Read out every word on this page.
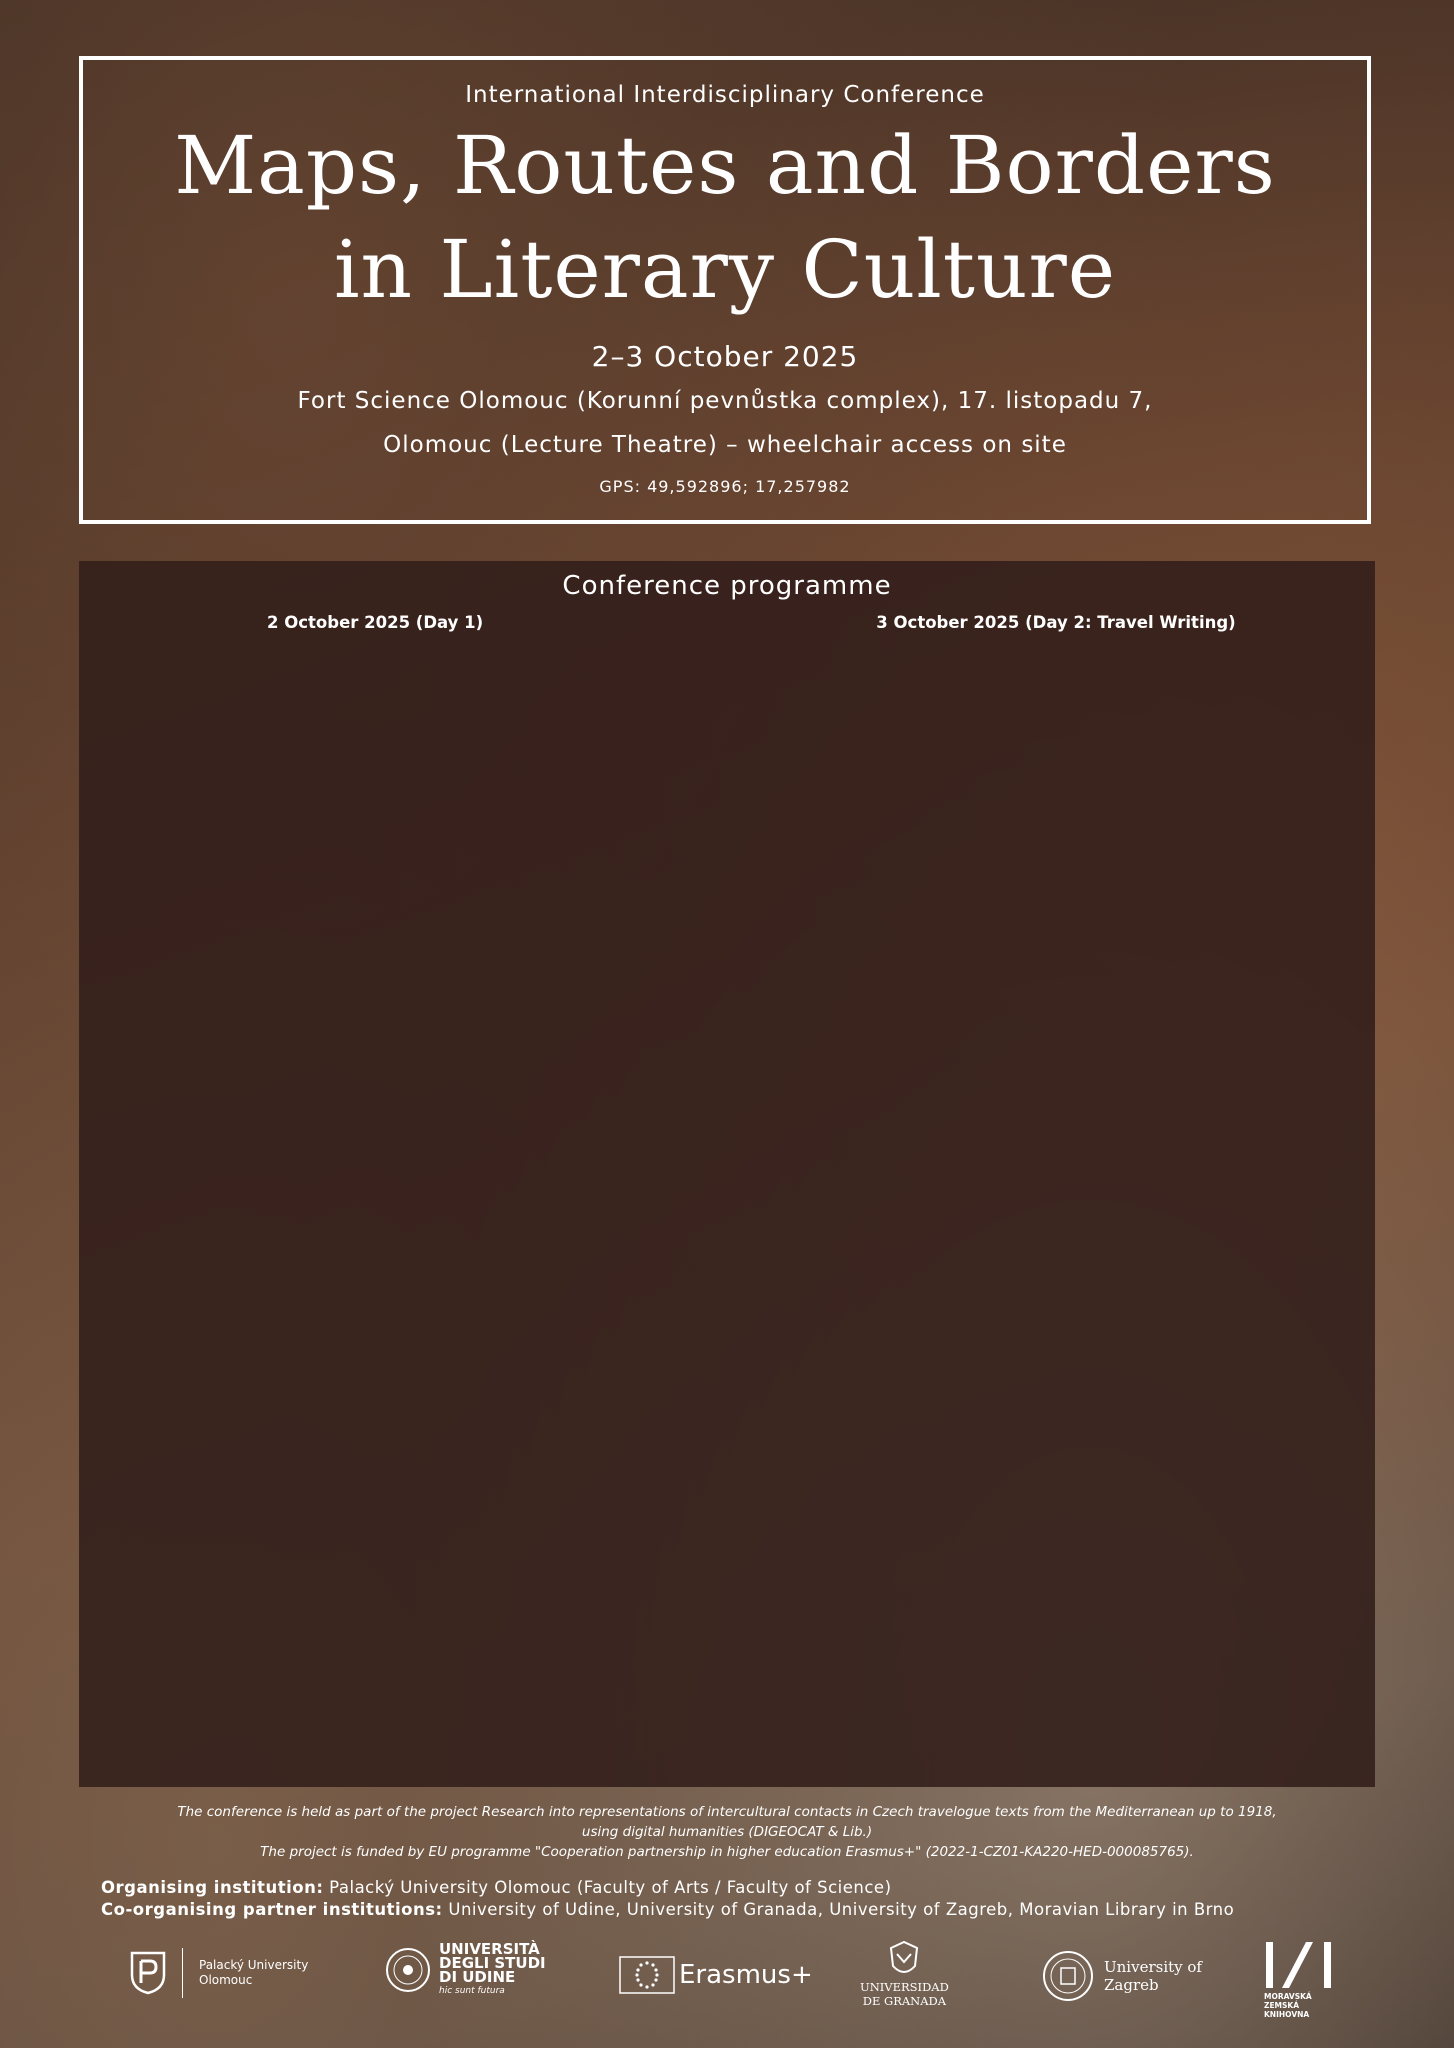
International Interdisciplinary Conference
Maps, Routes and Borders
in Literary Culture
2–3 October 2025
Fort Science Olomouc (Korunní pevnůstka complex), 17. listopadu 7,
Olomouc (Lecture Theatre) – wheelchair access on site
GPS: 49,592896; 17,257982
Conference programme
2 October 2025 (Day 1)	3 October 2025 (Day 2: Travel Writing)
The conference is held as part of the project Research into representations of intercultural contacts in Czech travelogue texts from the Mediterranean up to 1918,
using digital humanities (DIGEOCAT & Lib.)
The project is funded by EU programme "Cooperation partnership in higher education Erasmus+" (2022-1-CZ01-KA220-HED-000085765).
Organising institution: Palacký University Olomouc (Faculty of Arts / Faculty of Science)
Co-organising partner institutions: University of Udine, University of Granada, University of Zagreb, Moravian Library in Brno
Palacký University
Olomouc
UNIVERSITÀ
DEGLI STUDI
DI UDINE
hic sunt futura
Erasmus+	UNIVERSIDAD
DE GRANADA
University of
Zagreb
MORAVSKÁ
ZEMSKÁ
KNIHOVNA
